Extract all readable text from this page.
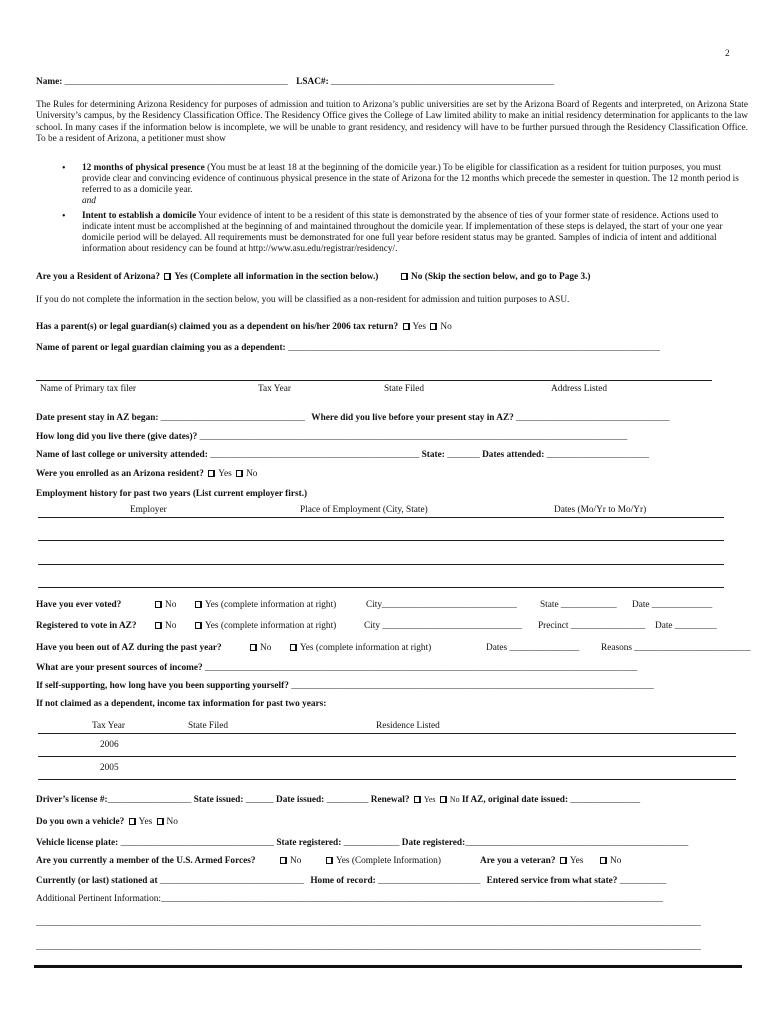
2
Name: ________________________________________________ LSAC#: ________________________________________________
The Rules for determining Arizona Residency for purposes of admission and tuition to Arizona’s public universities are set by the Arizona Board of Regents and interpreted, on Arizona State University’s campus, by the Residency Classification Office. The Residency Office gives the College of Law limited ability to make an initial residency determination for applicants to the law school. In many cases if the information below is incomplete, we will be unable to grant residency, and residency will have to be further pursued through the Residency Classification Office. To be a resident of Arizona, a petitioner must show
• 12 months of physical presence (You must be at least 18 at the beginning of the domicile year.) To be eligible for classification as a resident for tuition purposes, you must provide clear and convincing evidence of continuous physical presence in the state of Arizona for the 12 months which precede the semester in question. The 12 month period is referred to as a domicile year.
and
• Intent to establish a domicile Your evidence of intent to be a resident of this state is demonstrated by the absence of ties of your former state of residence. Actions used to indicate intent must be accomplished at the beginning of and maintained throughout the domicile year. If implementation of these steps is delayed, the start of your one year domicile period will be delayed. All requirements must be demonstrated for one full year before resident status may be granted. Samples of indicia of intent and additional information about residency can be found at http://www.asu.edu/registrar/residency/.
Are you a Resident of Arizona? Yes (Complete all information in the section below.)	No (Skip the section below, and go to Page 3.)
If you do not complete the information in the section below, you will be classified as a non-resident for admission and tuition purposes to ASU.
Has a parent(s) or legal guardian(s) claimed you as a dependent on his/her 2006 tax return? Yes No
Name of parent or legal guardian claiming you as a dependent: ________________________________________________________________________________
Name of Primary tax filer	Tax Year	State Filed	Address Listed
Date present stay in AZ began: _______________________________ Where did you live before your present stay in AZ? _________________________________
How long did you live there (give dates)? ____________________________________________________________________________________________
Name of last college or university attended: _____________________________________________ State: _______ Dates attended: ______________________
Were you enrolled as an Arizona resident? Yes No
Employment history for past two years (List current employer first.)
Employer	Place of Employment (City, State)	Dates (Mo/Yr to Mo/Yr)
Have you ever voted?	No	Yes (complete information at right)	City_____________________________ State ____________ Date _____________
Registered to vote in AZ?	No	Yes (complete information at right)	City ______________________________ Precinct ________________ Date _________
Have you been out of AZ during the past year?	No	Yes (complete information at right)	Dates _______________ Reasons _________________________
What are your present sources of income? _____________________________________________________________________________________________
If self-supporting, how long have you been supporting yourself? ______________________________________________________________________________
If not claimed as a dependent, income tax information for past two years:
Tax Year	State Filed	Residence Listed
2006
2005
Driver’s license #:__________________ State issued: ______ Date issued: _________ Renewal? Yes No If AZ, original date issued: _______________
Do you own a vehicle? Yes No
Vehicle license plate: _________________________________ State registered: ____________ Date registered:________________________________________________
Are you currently a member of the U.S. Armed Forces?	No	Yes (Complete Information)	Are you a veteran? Yes	No
Currently (or last) stationed at _______________________________ Home of record: ______________________ Entered service from what state? __________
Additional Pertinent Information:____________________________________________________________________________________________________________
_______________________________________________________________________________________________________________________________________________
_______________________________________________________________________________________________________________________________________________
